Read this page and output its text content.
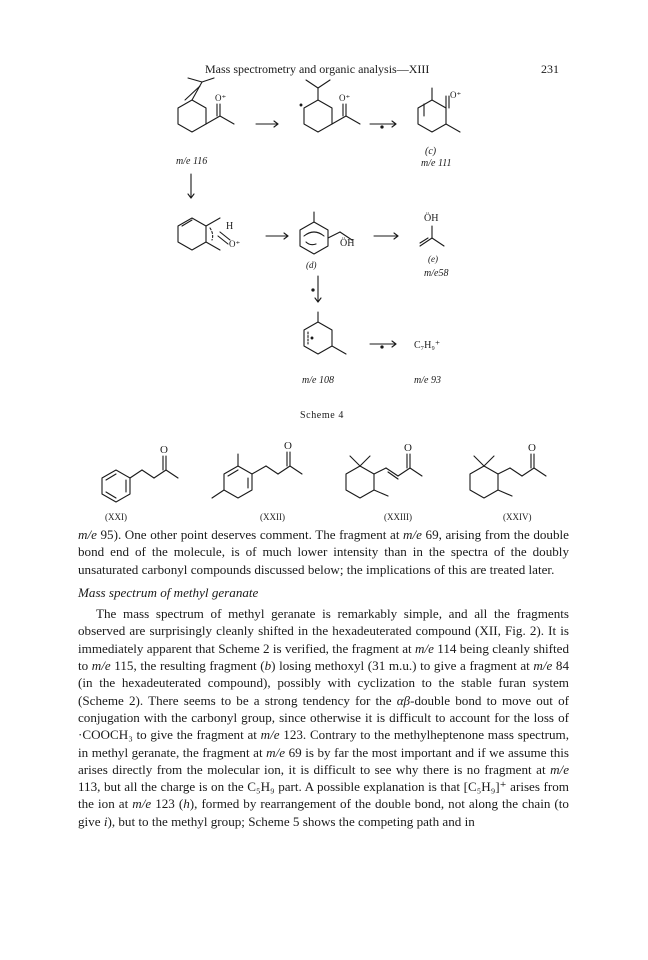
Mass spectrometry and organic analysis—XIII	231
O⁺
m/e 116
O⁺	O⁺
(c)
m/e 111
H
O⁺	ÖH
(d)
ÖH
(e)
m/e58
m/e 108
C₇H₉⁺
m/e 93
Scheme 4
O
(XXI)
O
(XXII)
O
(XXIII)
O
(XXIV)

m/e 95). One other point deserves comment. The fragment at m/e 69, arising from the double bond end of the molecule, is of much lower intensity than in the spectra of the doubly unsaturated carbonyl compounds discussed below; the implications of this are treated later.

Mass spectrum of methyl geranate

The mass spectrum of methyl geranate is remarkably simple, and all the fragments observed are surprisingly cleanly shifted in the hexadeuterated compound (XII, Fig. 2). It is immediately apparent that Scheme 2 is verified, the fragment at m/e 114 being cleanly shifted to m/e 115, the resulting fragment (b) losing methoxyl (31 m.u.) to give a fragment at m/e 84 (in the hexadeuterated compound), possibly with cyclization to the stable furan system (Scheme 2). There seems to be a strong tendency for the αβ-double bond to move out of conjugation with the carbonyl group, since otherwise it is difficult to account for the loss of ·COOCH₃ to give the fragment at m/e 123. Contrary to the methylheptenone mass spectrum, in methyl geranate, the fragment at m/e 69 is by far the most important and if we assume this arises directly from the molecular ion, it is difficult to see why there is no fragment at m/e 113, but all the charge is on the C₅H₉ part. A possible explanation is that [C₅H₉]⁺ arises from the ion at m/e 123 (h), formed by rearrangement of the double bond, not along the chain (to give i), but to the methyl group; Scheme 5 shows the competing path and in
